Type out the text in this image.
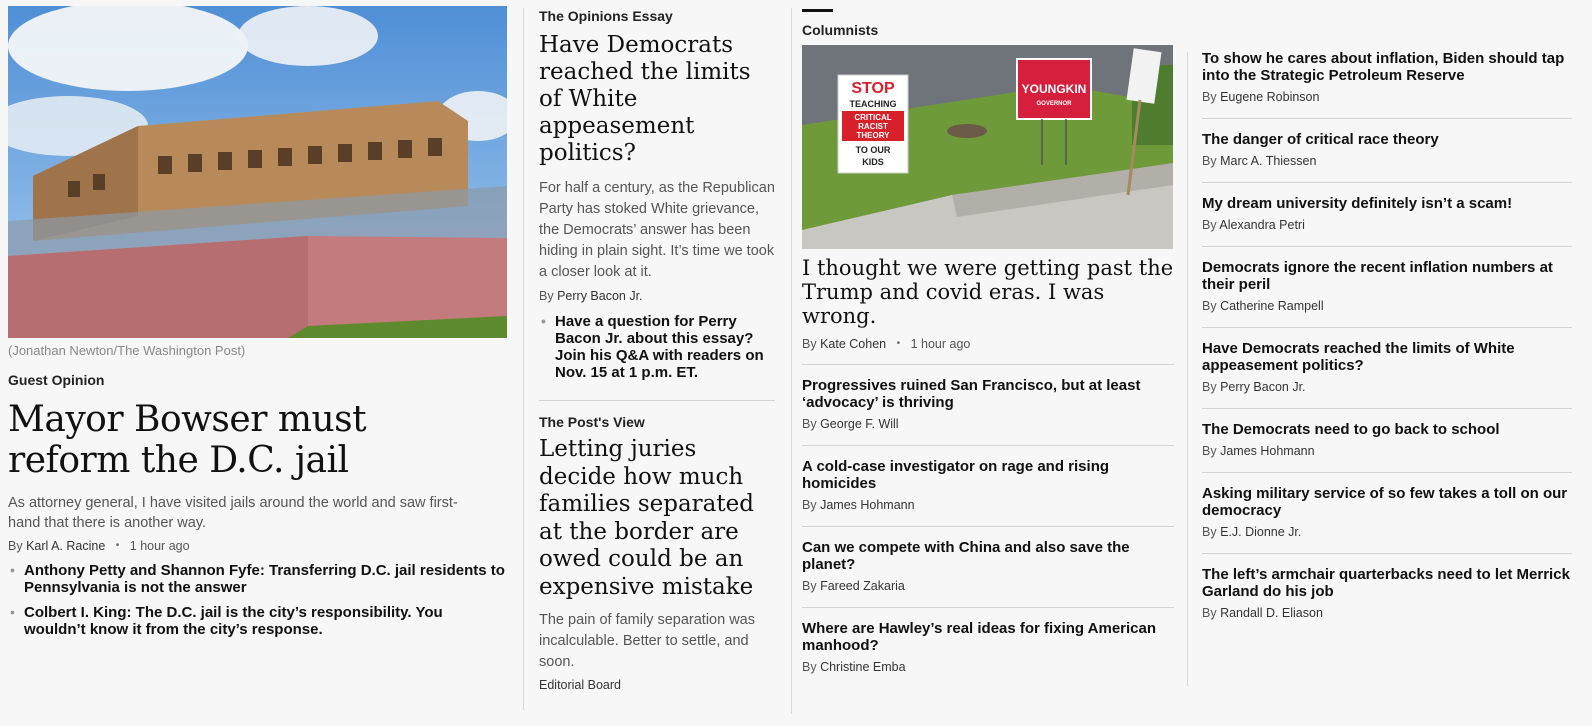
(Jonathan Newton/The Washington Post)
Guest Opinion
Mayor Bowser must reform the D.C. jail
As attorney general, I have visited jails around the world and saw first-hand that there is another way.
By Karl A. Racine • 1 hour ago
• Anthony Petty and Shannon Fyfe: Transferring D.C. jail residents to Pennsylvania is not the answer
• Colbert I. King: The D.C. jail is the city’s responsibility. You wouldn’t know it from the city’s response.
The Opinions Essay
Have Democrats reached the limits of White appeasement politics?
For half a century, as the Republican Party has stoked White grievance, the Democrats’ answer has been hiding in plain sight. It’s time we took a closer look at it.
By Perry Bacon Jr.
• Have a question for Perry Bacon Jr. about this essay? Join his Q&A with readers on Nov. 15 at 1 p.m. ET.
The Post's View
Letting juries decide how much families separated at the border are owed could be an expensive mistake
The pain of family separation was incalculable. Better to settle, and soon.
Editorial Board
Columnists
STOP
TEACHING
CRITICAL
RACIST
THEORY
TO OUR
KIDS
YOUNGKIN
GOVERNOR
I thought we were getting past the Trump and covid eras. I was wrong.
By Kate Cohen • 1 hour ago
Progressives ruined San Francisco, but at least ‘advocacy’ is thriving
By George F. Will
A cold-case investigator on rage and rising homicides
By James Hohmann
Can we compete with China and also save the planet?
By Fareed Zakaria
Where are Hawley’s real ideas for fixing American manhood?
By Christine Emba
To show he cares about inflation, Biden should tap into the Strategic Petroleum Reserve
By Eugene Robinson
The danger of critical race theory
By Marc A. Thiessen
My dream university definitely isn’t a scam!
By Alexandra Petri
Democrats ignore the recent inflation numbers at their peril
By Catherine Rampell
Have Democrats reached the limits of White appeasement politics?
By Perry Bacon Jr.
The Democrats need to go back to school
By James Hohmann
Asking military service of so few takes a toll on our democracy
By E.J. Dionne Jr.
The left’s armchair quarterbacks need to let Merrick Garland do his job
By Randall D. Eliason
